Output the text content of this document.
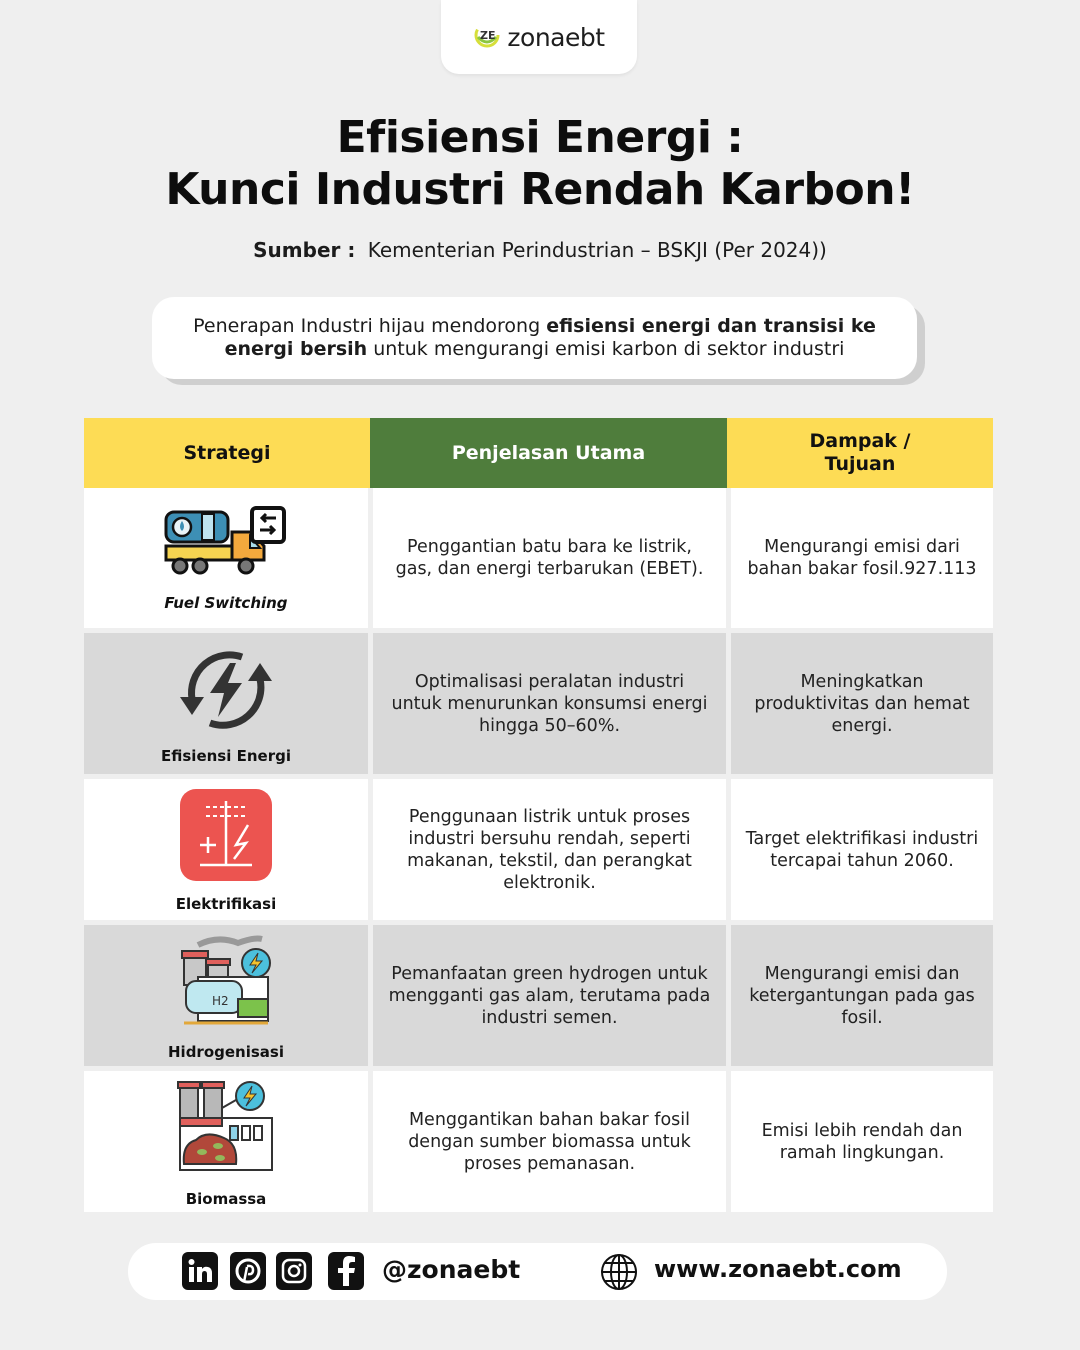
ZE zonaebt
Efisiensi Energi :
Kunci Industri Rendah Karbon!
Sumber : Kementerian Perindustrian – BSKJI (Per 2024))

Penerapan Industri hijau mendorong efisiensi energi dan transisi ke energi bersih untuk mengurangi emisi karbon di sektor industri

Strategi	Penjelasan Utama
Dampak / Tujuan
Fuel Switching
Penggantian batu bara ke listrik, gas, dan energi terbarukan (EBET).
Mengurangi emisi dari bahan bakar fosil.927.113
Efisiensi Energi
Optimalisasi peralatan industri untuk menurunkan konsumsi energi hingga 50–60%.
Meningkatkan produktivitas dan hemat energi.
Elektrifikasi
Penggunaan listrik untuk proses industri bersuhu rendah, seperti makanan, tekstil, dan perangkat elektronik.
Target elektrifikasi industri tercapai tahun 2060.
H2
Hidrogenisasi
Pemanfaatan green hydrogen untuk mengganti gas alam, terutama pada industri semen.
Mengurangi emisi dan ketergantungan pada gas fosil.
Biomassa
Menggantikan bahan bakar fosil dengan sumber biomassa untuk proses pemanasan.
Emisi lebih rendah dan ramah lingkungan.
@zonaebt	www.zonaebt.com
